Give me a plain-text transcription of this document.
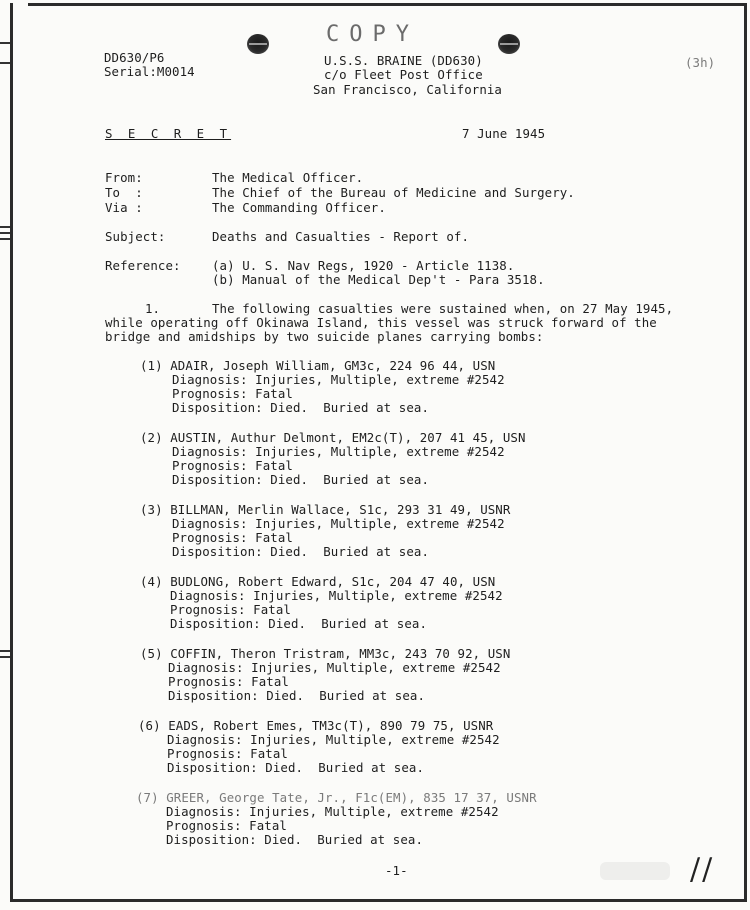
COPY
DD630/P6
Serial:M0014
U.S.S. BRAINE (DD630)
c/o Fleet Post Office
San Francisco, California
(3h)
S E C R E T	7 June 1945
From:	The Medical Officer.
To  :	The Chief of the Bureau of Medicine and Surgery.
Via :	The Commanding Officer.
Subject:	Deaths and Casualties - Report of.
Reference:	(a) U. S. Nav Regs, 1920 - Article 1138.
(b) Manual of the Medical Dep't - Para 3518.
1.	The following casualties were sustained when, on 27 May 1945,
while operating off Okinawa Island, this vessel was struck forward of the
bridge and amidships by two suicide planes carrying bombs:
(1) ADAIR, Joseph William, GM3c, 224 96 44, USN
Diagnosis: Injuries, Multiple, extreme #2542
Prognosis: Fatal
Disposition: Died.  Buried at sea.
(2) AUSTIN, Authur Delmont, EM2c(T), 207 41 45, USN
Diagnosis: Injuries, Multiple, extreme #2542
Prognosis: Fatal
Disposition: Died.  Buried at sea.
(3) BILLMAN, Merlin Wallace, S1c, 293 31 49, USNR
Diagnosis: Injuries, Multiple, extreme #2542
Prognosis: Fatal
Disposition: Died.  Buried at sea.
(4) BUDLONG, Robert Edward, S1c, 204 47 40, USN
Diagnosis: Injuries, Multiple, extreme #2542
Prognosis: Fatal
Disposition: Died.  Buried at sea.
(5) COFFIN, Theron Tristram, MM3c, 243 70 92, USN
Diagnosis: Injuries, Multiple, extreme #2542
Prognosis: Fatal
Disposition: Died.  Buried at sea.
(6) EADS, Robert Emes, TM3c(T), 890 79 75, USNR
Diagnosis: Injuries, Multiple, extreme #2542
Prognosis: Fatal
Disposition: Died.  Buried at sea.
(7) GREER, George Tate, Jr., F1c(EM), 835 17 37, USNR
Diagnosis: Injuries, Multiple, extreme #2542
Prognosis: Fatal
Disposition: Died.  Buried at sea.
-1-	//
